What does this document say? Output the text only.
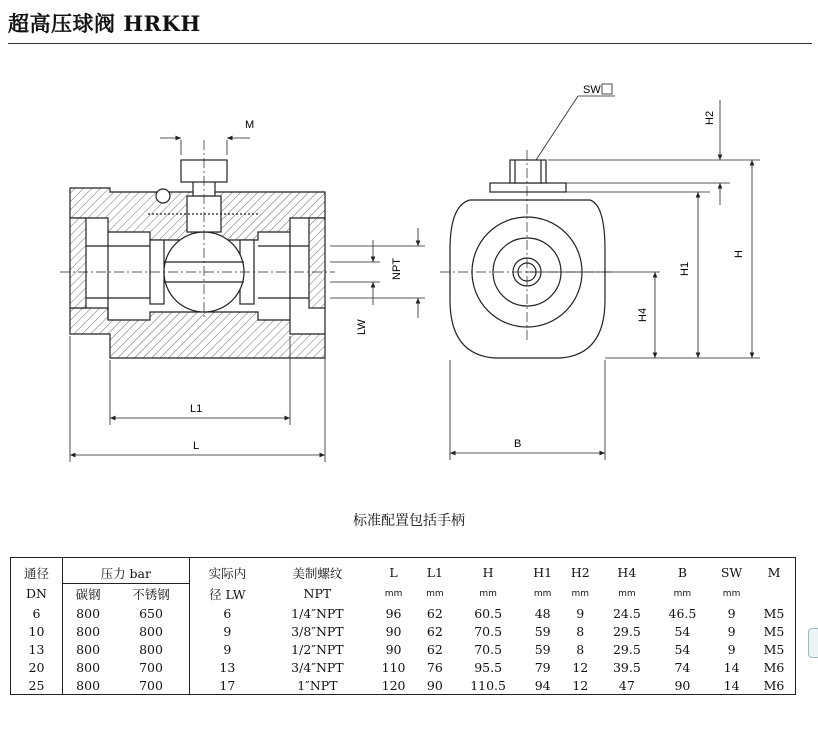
超高压球阀 HRKH
M
NPT
LW
L1
L
SW
B
H
H1
H2
H4
标准配置包括手柄
通径	压力 bar		实际内	美制螺纹	L	L1	H	H1	H2	H4	B	SW	M
DN	碳钢	不锈钢	径 LW	NPT	mm	mm	mm	mm	mm	mm	mm	mm	
6	800	650	6	1/4″NPT	96	62	60.5	48	9	24.5	46.5	9	M5
10	800	800	9	3/8″NPT	90	62	70.5	59	8	29.5	54	9	M5
13	800	800	9	1/2″NPT	90	62	70.5	59	8	29.5	54	9	M5
20	800	700	13	3/4″NPT	110	76	95.5	79	12	39.5	74	14	M6
25	800	700	17	1″NPT	120	90	110.5	94	12	47	90	14	M6
